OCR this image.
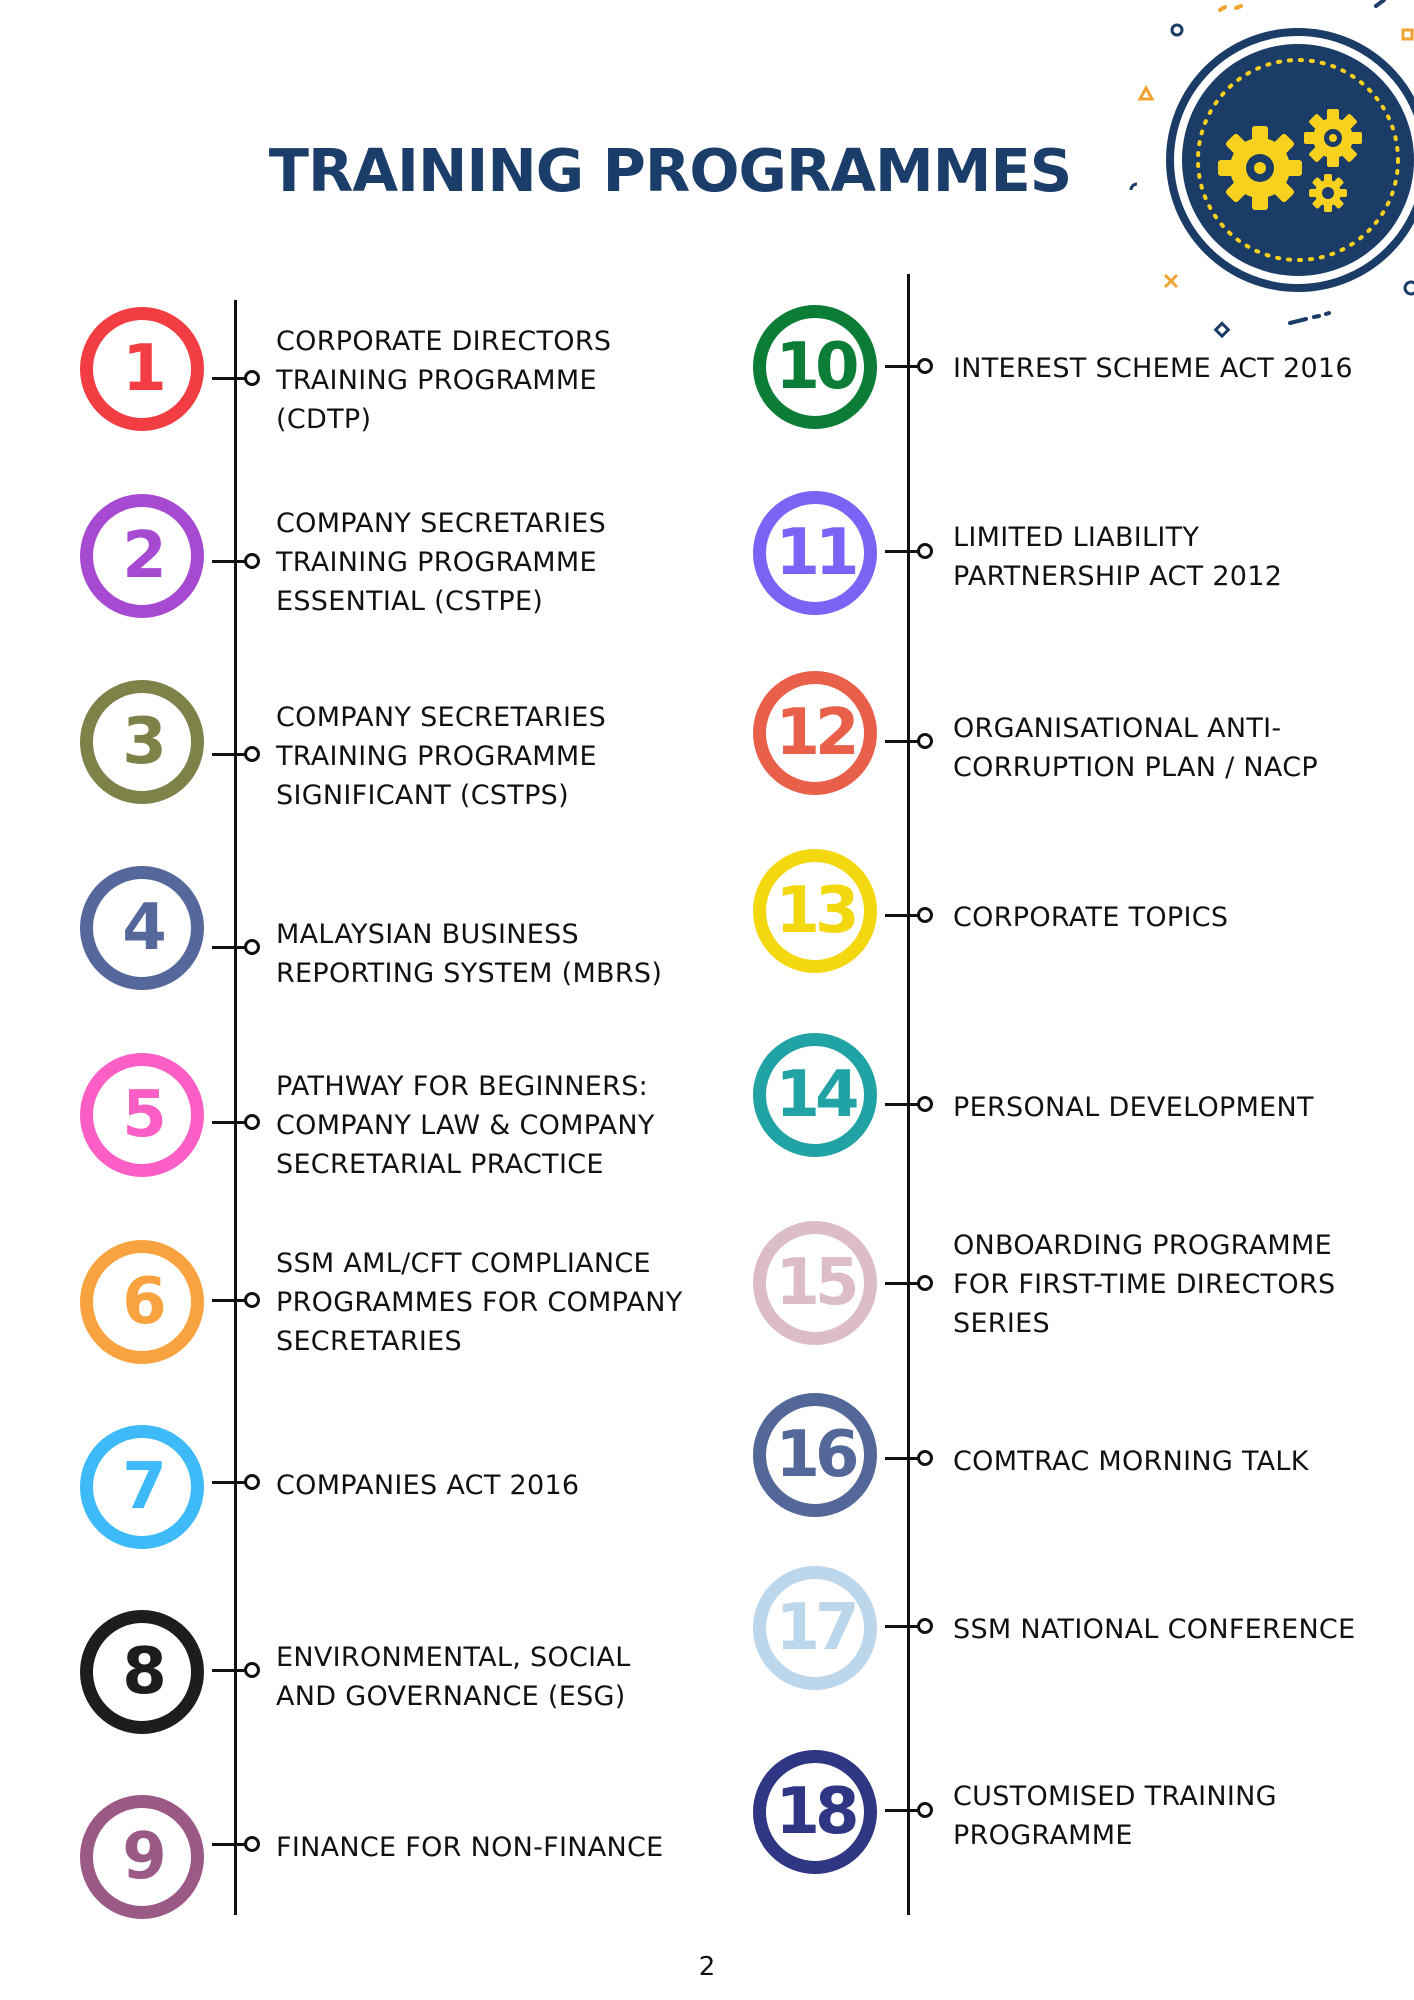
TRAINING PROGRAMMES
1	CORPORATE DIRECTORS
TRAINING PROGRAMME
(CDTP)
2	COMPANY SECRETARIES
TRAINING PROGRAMME
ESSENTIAL (CSTPE)
3	COMPANY SECRETARIES
TRAINING PROGRAMME
SIGNIFICANT (CSTPS)
4	MALAYSIAN BUSINESS
REPORTING SYSTEM (MBRS)
5	PATHWAY FOR BEGINNERS:
COMPANY LAW & COMPANY
SECRETARIAL PRACTICE
6
SSM AML/CFT COMPLIANCE
PROGRAMMES FOR COMPANY
SECRETARIES
7	COMPANIES ACT 2016
8	ENVIRONMENTAL, SOCIAL
AND GOVERNANCE (ESG)
9	FINANCE FOR NON-FINANCE
10	INTEREST SCHEME ACT 2016
11	LIMITED LIABILITY
PARTNERSHIP ACT 2012
12	ORGANISATIONAL ANTI-
CORRUPTION PLAN / NACP
13	CORPORATE TOPICS
14	PERSONAL DEVELOPMENT
15
ONBOARDING PROGRAMME
FOR FIRST-TIME DIRECTORS
SERIES
16	COMTRAC MORNING TALK
17	SSM NATIONAL CONFERENCE
18	CUSTOMISED TRAINING
PROGRAMME
2
